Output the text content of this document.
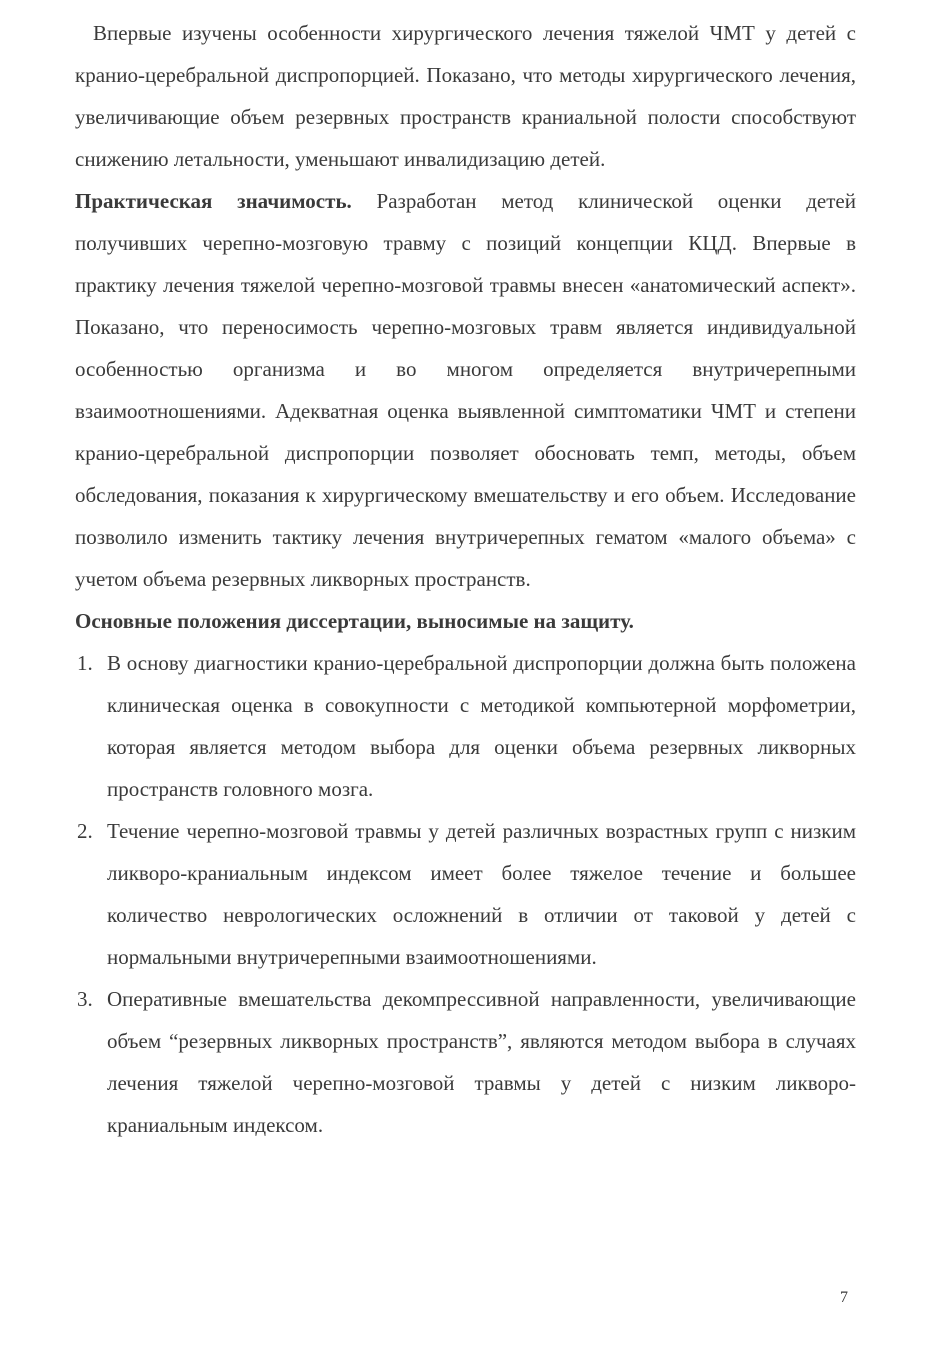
Впервые изучены особенности хирургического лечения тяжелой ЧМТ у детей с кранио-церебральной диспропорцией. Показано, что методы хирургического лечения, увеличивающие объем резервных пространств краниальной полости способствуют снижению летальности, уменьшают инвалидизацию детей.

Практическая значимость. Разработан метод клинической оценки детей получивших черепно-мозговую травму с позиций концепции КЦД. Впервые в практику лечения тяжелой черепно-мозговой травмы внесен «анатомический аспект». Показано, что переносимость черепно-мозговых травм является индивидуальной особенностью организма и во многом определяется внутричерепными взаимоотношениями. Адекватная оценка выявленной симптоматики ЧМТ и степени кранио-церебральной диспропорции позволяет обосновать темп, методы, объем обследования, показания к хирургическому вмешательству и его объем. Исследование позволило изменить тактику лечения внутричерепных гематом «малого объема» с учетом объема резервных ликворных пространств.

Основные положения диссертации, выносимые на защиту.

1. В основу диагностики кранио-церебральной диспропорции должна быть положена клиническая оценка в совокупности с методикой компьютерной морфометрии, которая является методом выбора для оценки объема резервных ликворных пространств головного мозга.
2. Течение черепно-мозговой травмы у детей различных возрастных групп с низким ликворо-краниальным индексом имеет более тяжелое течение и большее количество неврологических осложнений в отличии от таковой у детей с нормальными внутричерепными взаимоотношениями.
3. Оперативные вмешательства декомпрессивной направленности, увеличивающие объем “резервных ликворных пространств”, являются методом выбора в случаях лечения тяжелой черепно-мозговой травмы у детей с низким ликворо-краниальным индексом.
7
